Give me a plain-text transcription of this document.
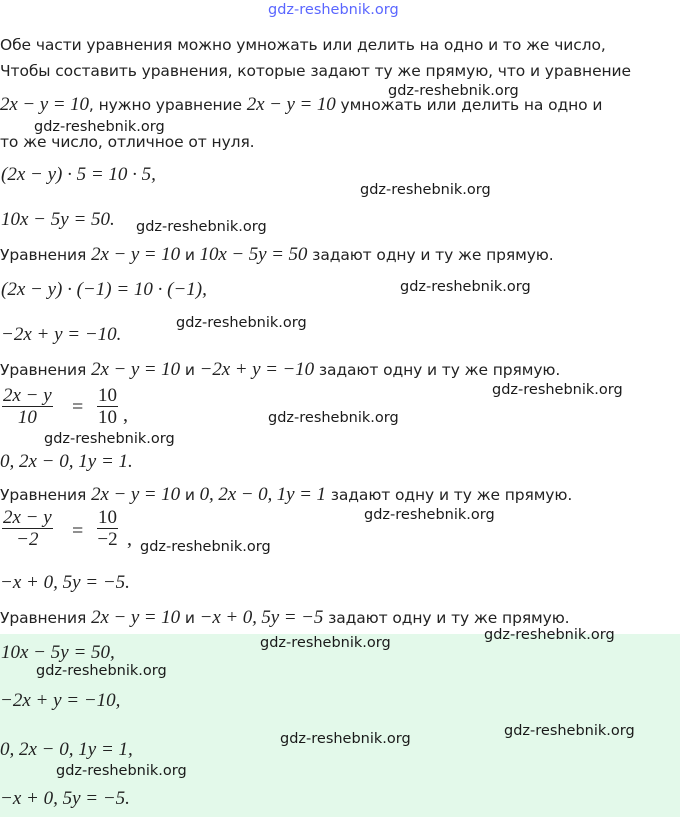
gdz-reshebnik.org
Обе части уравнения можно умножать или делить на одно и то же число,
Чтобы составить уравнения, которые задают ту же прямую, что и уравнение
2x − y = 10, нужно уравнение 2x − y = 10 умножать или делить на одно и
то же число, отличное от нуля.
(2x − y) · 5 = 10 · 5,
10x − 5y = 50.
Уравнения 2x − y = 10 и 10x − 5y = 50 задают одну и ту же прямую.
(2x − y) · (−1) = 10 · (−1),
−2x + y = −10.
Уравнения 2x − y = 10 и −2x + y = −10 задают одну и ту же прямую.
$\frac{2x - y}{10} = \frac{10}{10}$ ,
0, 2x − 0, 1y = 1.
Уравнения 2x − y = 10 и 0, 2x − 0, 1y = 1 задают одну и ту же прямую.
$\frac{2x - y}{-2} = \frac{10}{-2}$ ,
−x + 0, 5y = −5.
Уравнения 2x − y = 10 и −x + 0, 5y = −5 задают одну и ту же прямую.
10x − 5y = 50,
−2x + y = −10,
0, 2x − 0, 1y = 1,
−x + 0, 5y = −5.
gdz-reshebnik.org
gdz-reshebnik.org
gdz-reshebnik.org
gdz-reshebnik.org
gdz-reshebnik.org
gdz-reshebnik.org
gdz-reshebnik.org
gdz-reshebnik.org
gdz-reshebnik.org
gdz-reshebnik.org
gdz-reshebnik.org
gdz-reshebnik.org
gdz-reshebnik.org
gdz-reshebnik.org
gdz-reshebnik.org
gdz-reshebnik.org
gdz-reshebnik.org
